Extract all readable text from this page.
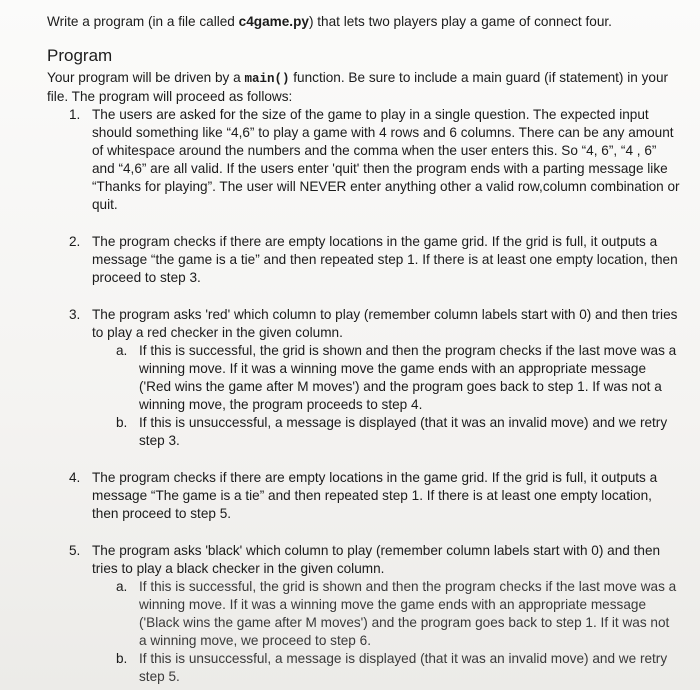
Write a program (in a file called c4game.py) that lets two players play a game of connect four.

Program

Your program will be driven by a main() function. Be sure to include a main guard (if statement) in your file. The program will proceed as follows:

1. The users are asked for the size of the game to play in a single question. The expected input should something like “4,6” to play a game with 4 rows and 6 columns. There can be any amount of whitespace around the numbers and the comma when the user enters this. So “4, 6”, “4 , 6” and “4,6” are all valid. If the users enter 'quit' then the program ends with a parting message like “Thanks for playing”. The user will NEVER enter anything other a valid row,column combination or quit.
2. The program checks if there are empty locations in the game grid. If the grid is full, it outputs a message “the game is a tie” and then repeated step 1. If there is at least one empty location, then proceed to step 3.
3. The program asks 'red' which column to play (remember column labels start with 0) and then tries to play a red checker in the given column.
a. If this is successful, the grid is shown and then the program checks if the last move was a winning move. If it was a winning move the game ends with an appropriate message ('Red wins the game after M moves') and the program goes back to step 1. If was not a winning move, the program proceeds to step 4.
b. If this is unsuccessful, a message is displayed (that it was an invalid move) and we retry step 3.
4. The program checks if there are empty locations in the game grid. If the grid is full, it outputs a message “The game is a tie” and then repeated step 1. If there is at least one empty location, then proceed to step 5.
5. The program asks 'black' which column to play (remember column labels start with 0) and then tries to play a black checker in the given column.
a. If this is successful, the grid is shown and then the program checks if the last move was a winning move. If it was a winning move the game ends with an appropriate message ('Black wins the game after M moves') and the program goes back to step 1. If it was not a winning move, we proceed to step 6.
b. If this is unsuccessful, a message is displayed (that it was an invalid move) and we retry step 5.
